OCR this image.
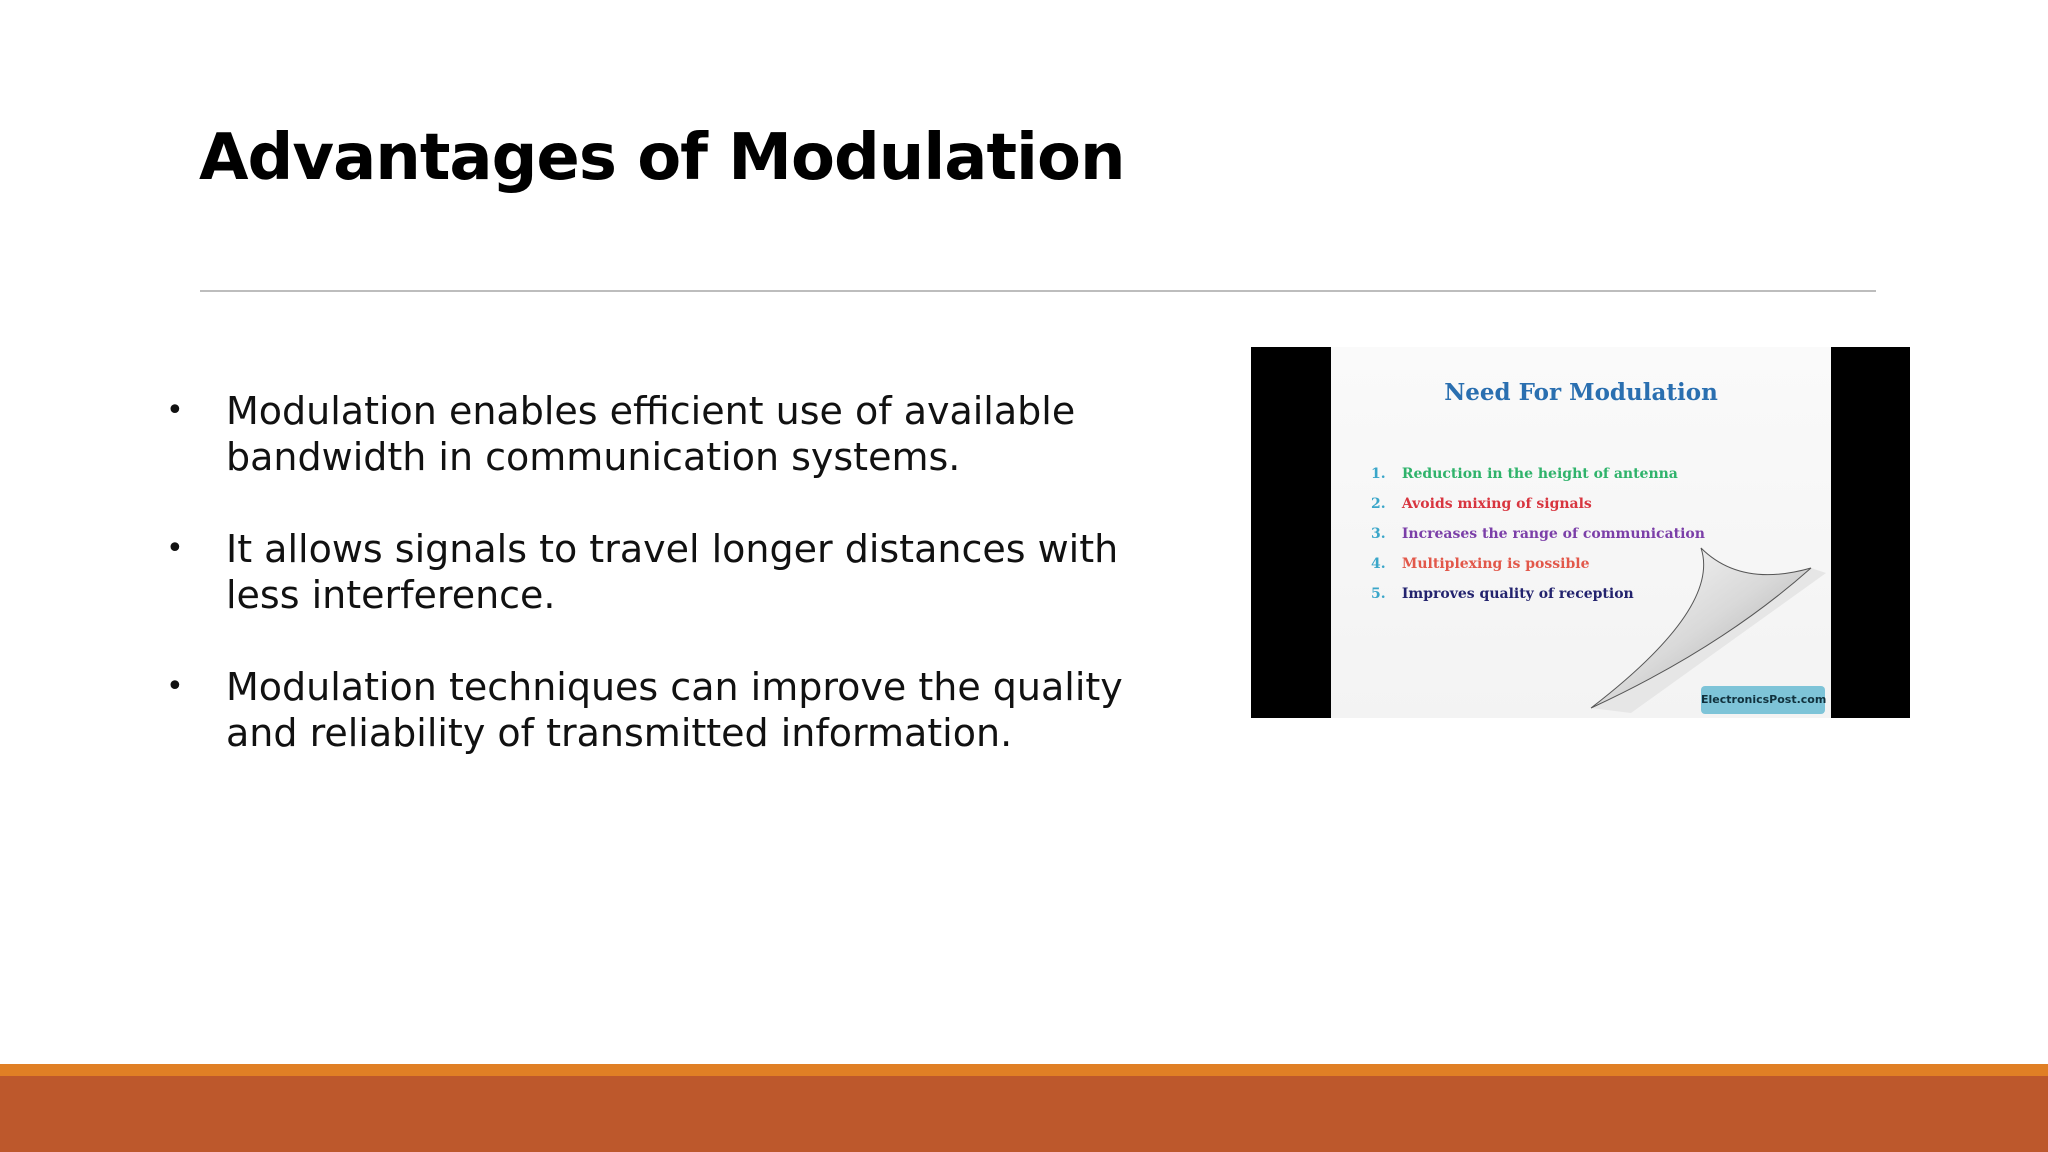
Advantages of Modulation
• Modulation enables efficient use of available bandwidth in communication systems.
• It allows signals to travel longer distances with less interference.
• Modulation techniques can improve the quality and reliability of transmitted information.
Need For Modulation
1. Reduction in the height of antenna
2. Avoids mixing of signals
3. Increases the range of communication
4. Multiplexing is possible
5. Improves quality of reception
ElectronicsPost.com
